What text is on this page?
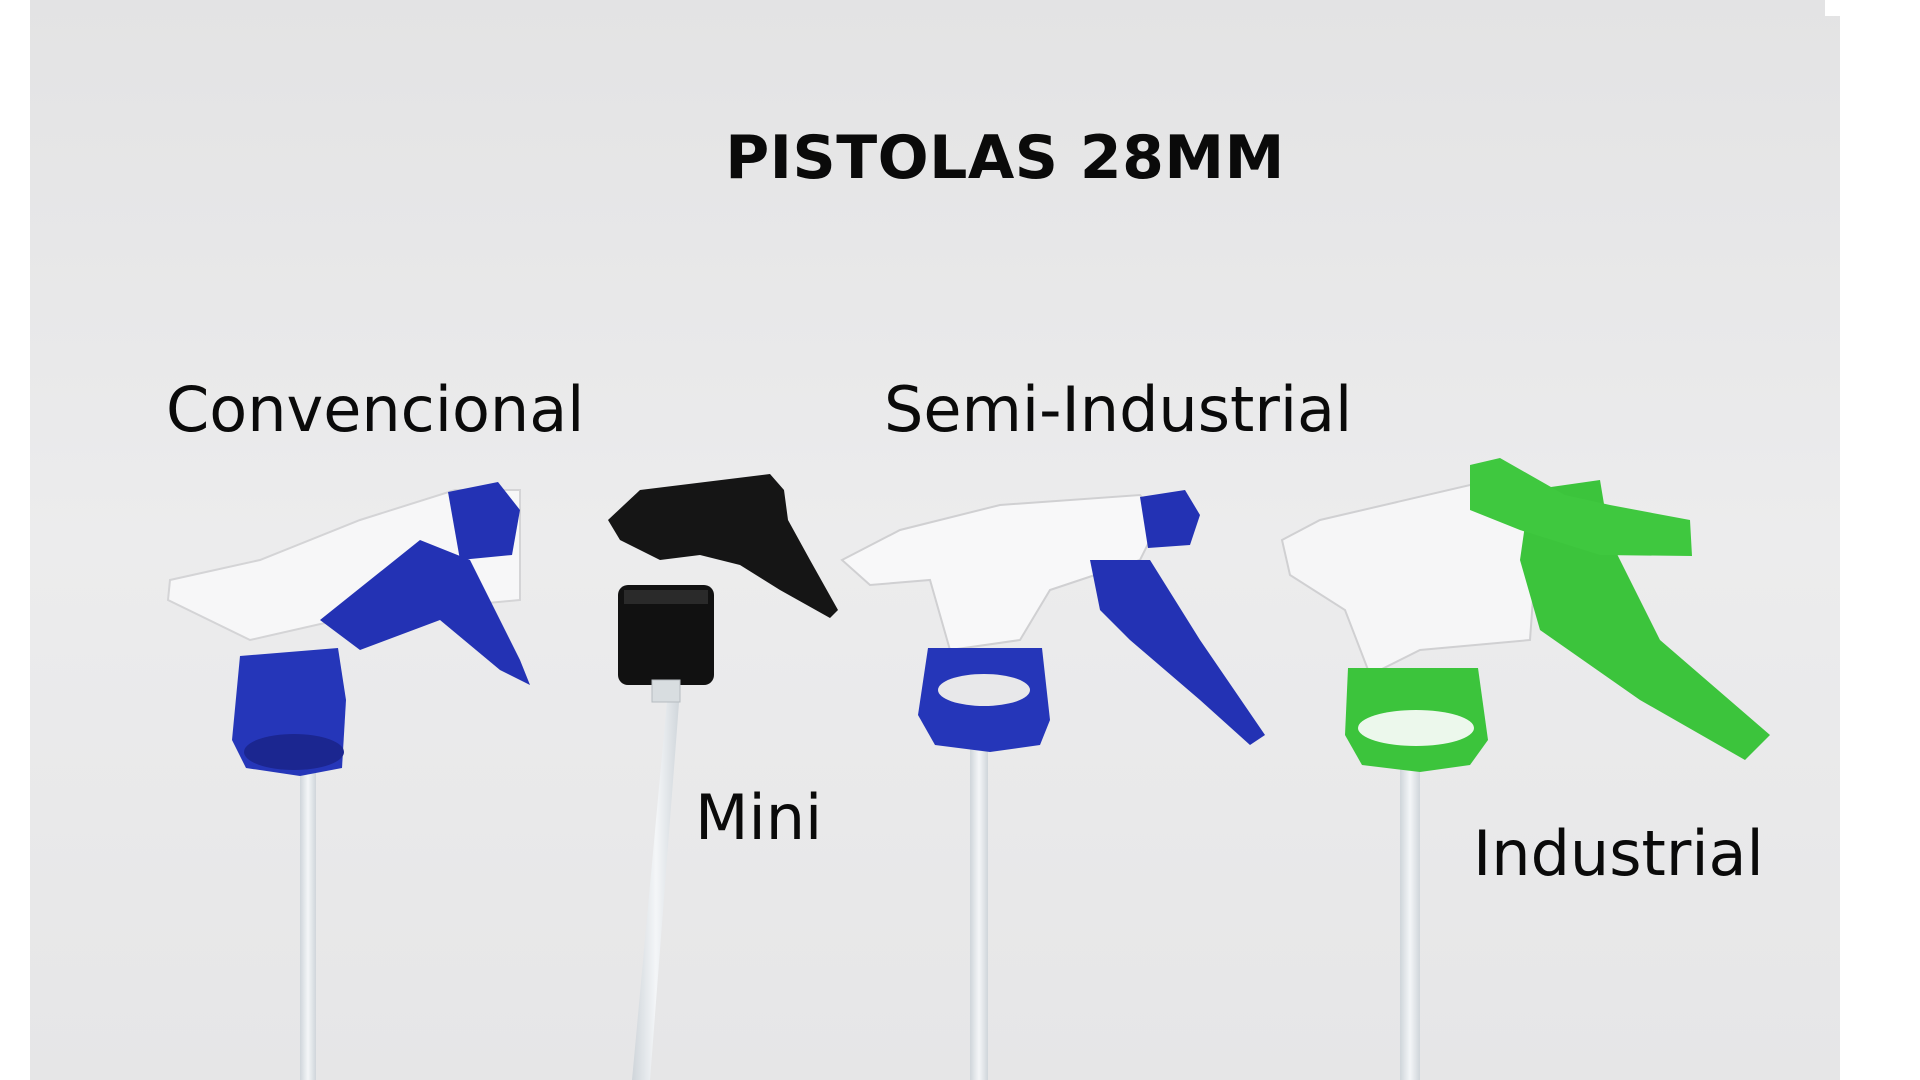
PISTOLAS 28MM

Convencional	Semi-Industrial

Mini	Industrial
